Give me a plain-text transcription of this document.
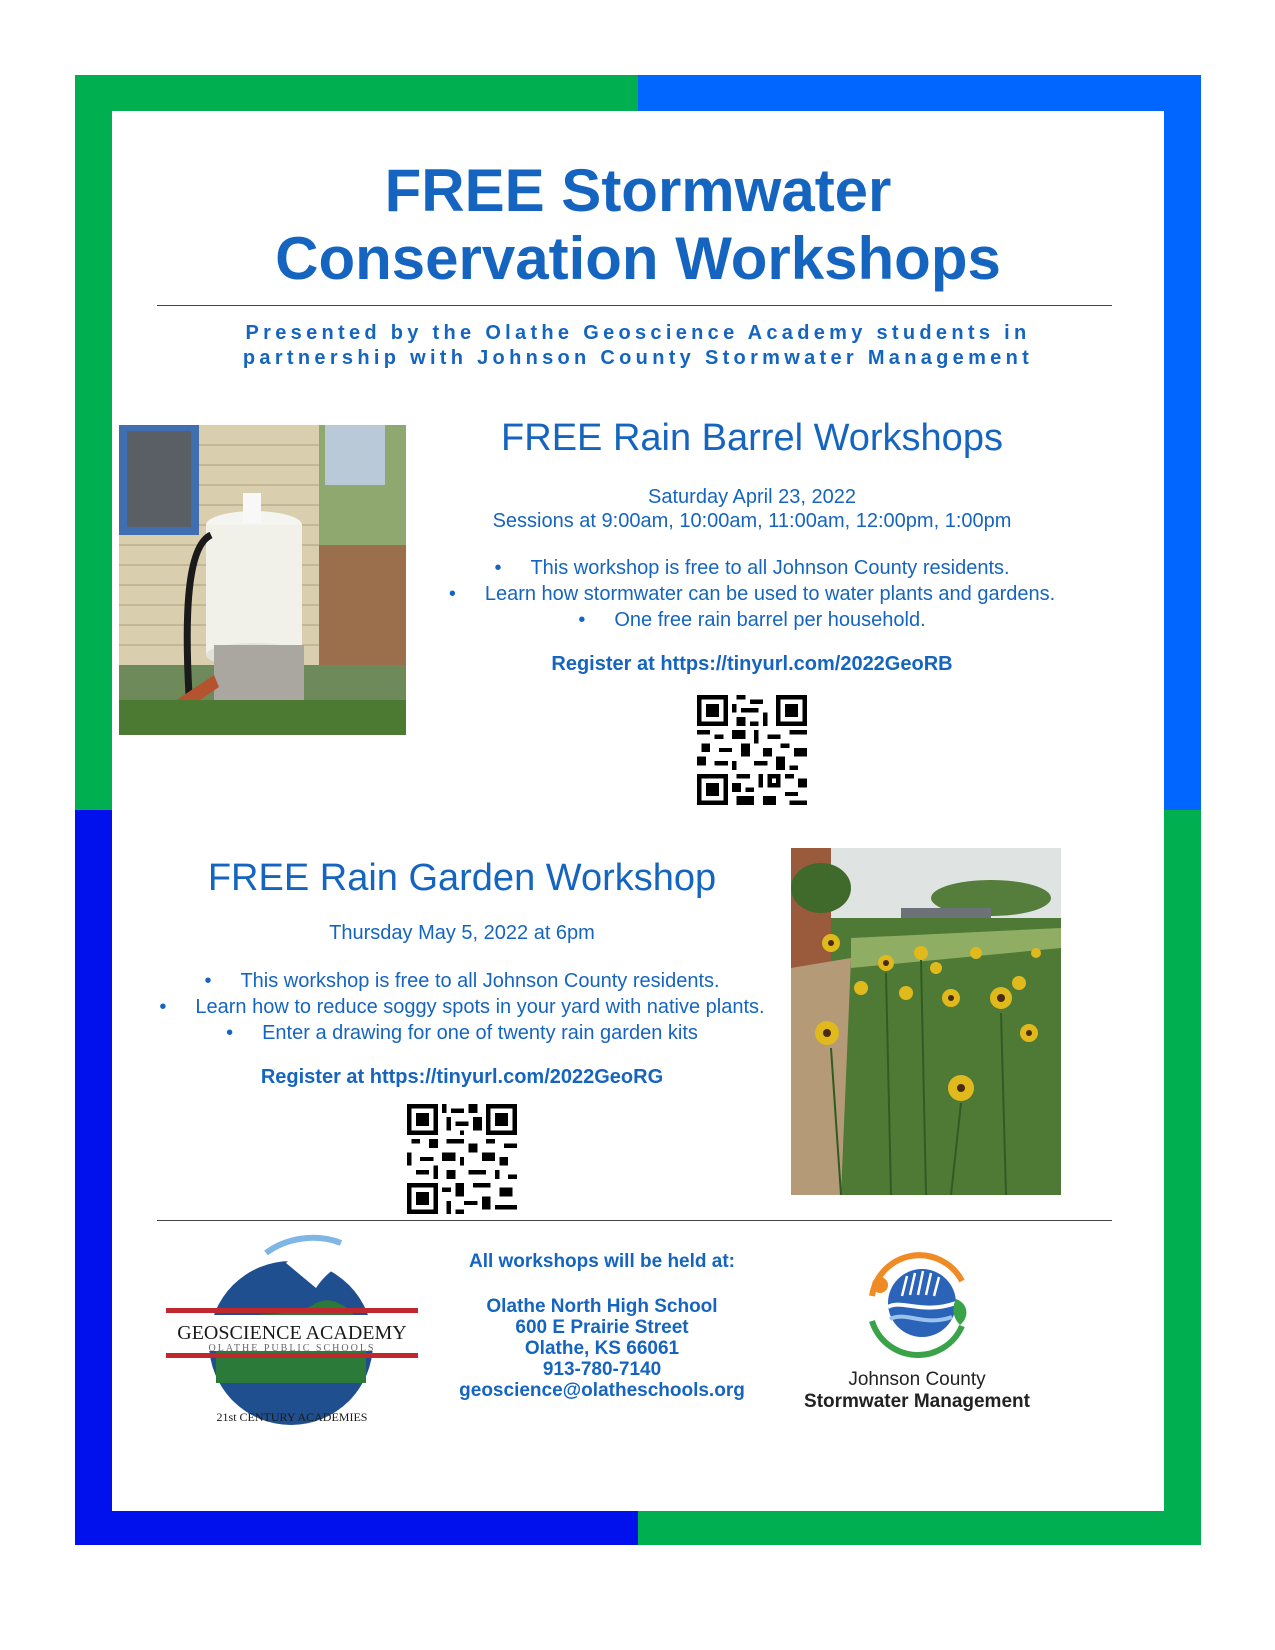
FREE Stormwater
Conservation Workshops
Presented by the Olathe Geoscience Academy students in
partnership with Johnson County Stormwater Management
FREE Rain Barrel Workshops
Saturday April 23, 2022
Sessions at 9:00am, 10:00am, 11:00am, 12:00pm, 1:00pm
• This workshop is free to all Johnson County residents.
• Learn how stormwater can be used to water plants and gardens.
• One free rain barrel per household.
Register at https://tinyurl.com/2022GeoRB
FREE Rain Garden Workshop
Thursday May 5, 2022 at 6pm
• This workshop is free to all Johnson County residents.
• Learn how to reduce soggy spots in your yard with native plants.
• Enter a drawing for one of twenty rain garden kits
Register at https://tinyurl.com/2022GeoRG
GEOSCIENCE ACADEMY
OLATHE PUBLIC SCHOOLS
21st CENTURY ACADEMIES
All workshops will be held at:
Olathe North High School
600 E Prairie Street
Olathe, KS 66061
913-780-7140
geoscience@olatheschools.org
Johnson County
Stormwater Management
